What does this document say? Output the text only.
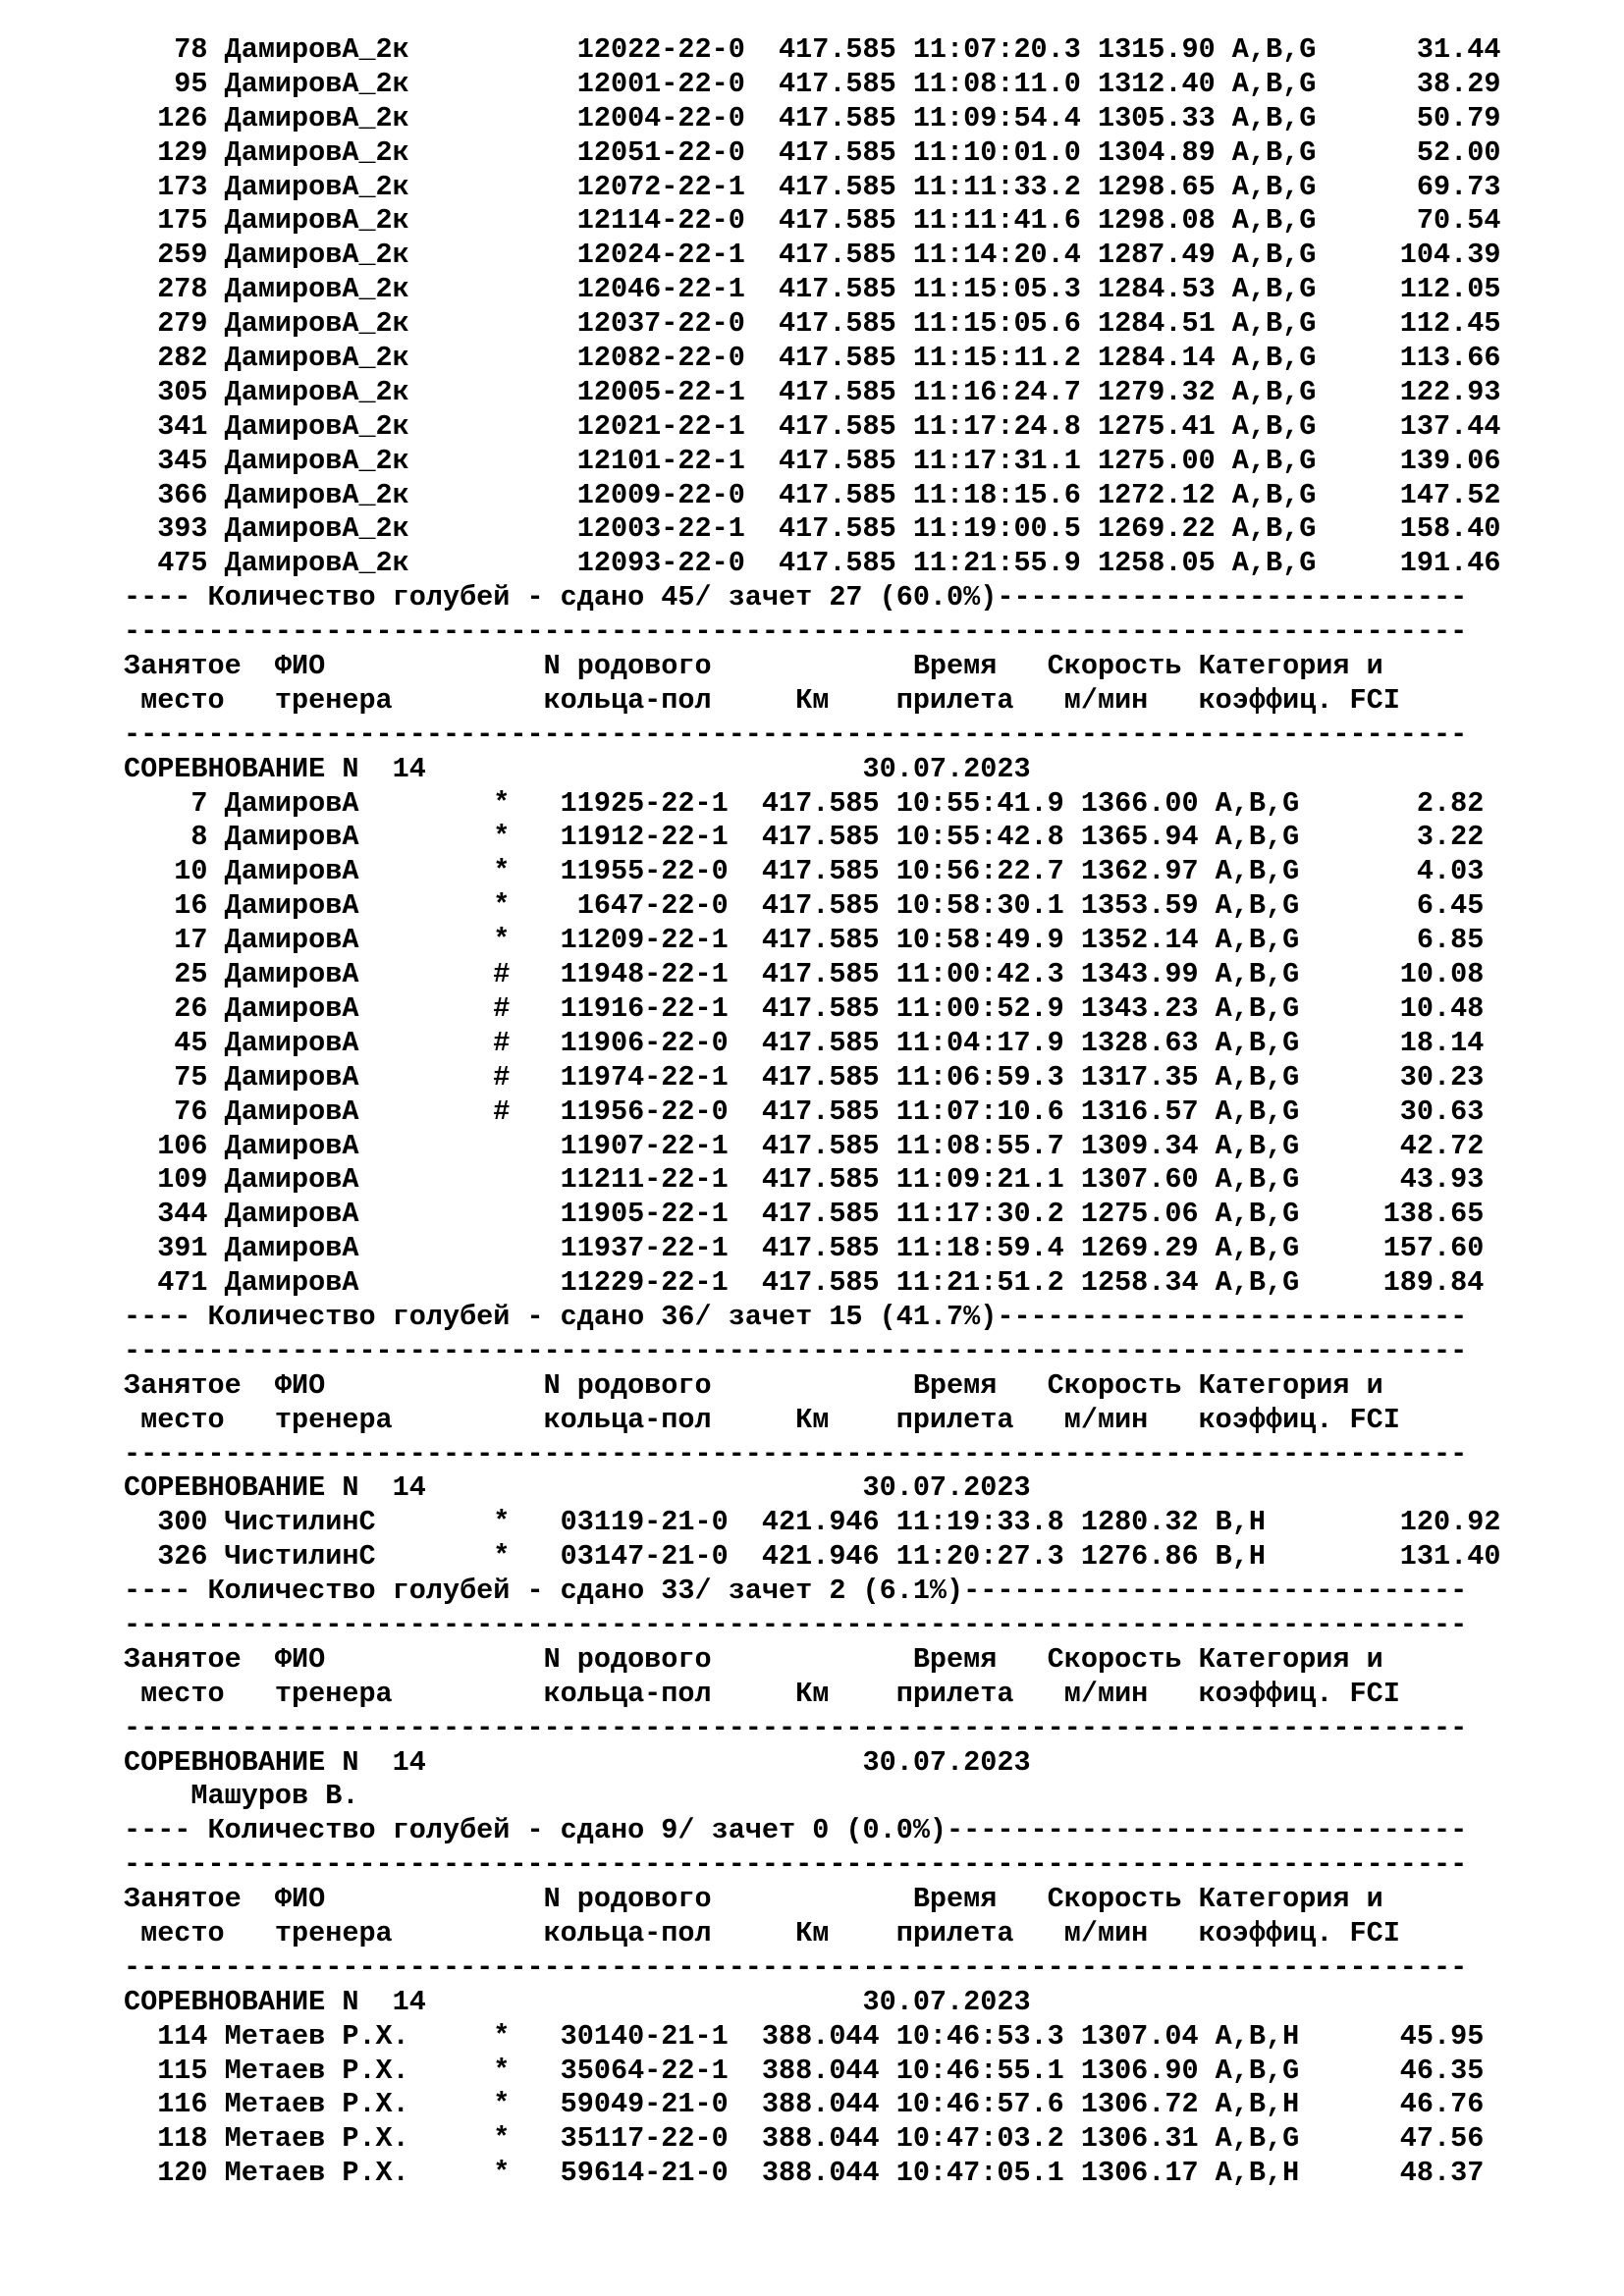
78 ДамировА_2к          12022-22-0  417.585 11:07:20.3 1315.90 A,B,G      31.44
95 ДамировА_2к          12001-22-0  417.585 11:08:11.0 1312.40 A,B,G      38.29
126 ДамировА_2к          12004-22-0  417.585 11:09:54.4 1305.33 A,B,G      50.79
129 ДамировА_2к          12051-22-0  417.585 11:10:01.0 1304.89 A,B,G      52.00
173 ДамировА_2к          12072-22-1  417.585 11:11:33.2 1298.65 A,B,G      69.73
175 ДамировА_2к          12114-22-0  417.585 11:11:41.6 1298.08 A,B,G      70.54
259 ДамировА_2к          12024-22-1  417.585 11:14:20.4 1287.49 A,B,G     104.39
278 ДамировА_2к          12046-22-1  417.585 11:15:05.3 1284.53 A,B,G     112.05
279 ДамировА_2к          12037-22-0  417.585 11:15:05.6 1284.51 A,B,G     112.45
282 ДамировА_2к          12082-22-0  417.585 11:15:11.2 1284.14 A,B,G     113.66
305 ДамировА_2к          12005-22-1  417.585 11:16:24.7 1279.32 A,B,G     122.93
341 ДамировА_2к          12021-22-1  417.585 11:17:24.8 1275.41 A,B,G     137.44
345 ДамировА_2к          12101-22-1  417.585 11:17:31.1 1275.00 A,B,G     139.06
366 ДамировА_2к          12009-22-0  417.585 11:18:15.6 1272.12 A,B,G     147.52
393 ДамировА_2к          12003-22-1  417.585 11:19:00.5 1269.22 A,B,G     158.40
475 ДамировА_2к          12093-22-0  417.585 11:21:55.9 1258.05 A,B,G     191.46
---- Количество голубей - сдано 45/ зачет 27 (60.0%)----------------------------
--------------------------------------------------------------------------------
Занятое  ФИО             N родового            Время   Скорость Категория и
место   тренера         кольца-пол     Км    прилета   м/мин   коэффиц. FCI
--------------------------------------------------------------------------------
СОРЕВНОВАНИЕ N  14                          30.07.2023
7 ДамировА        *   11925-22-1  417.585 10:55:41.9 1366.00 A,B,G       2.82
8 ДамировА        *   11912-22-1  417.585 10:55:42.8 1365.94 A,B,G       3.22
10 ДамировА        *   11955-22-0  417.585 10:56:22.7 1362.97 A,B,G       4.03
16 ДамировА        *    1647-22-0  417.585 10:58:30.1 1353.59 A,B,G       6.45
17 ДамировА        *   11209-22-1  417.585 10:58:49.9 1352.14 A,B,G       6.85
25 ДамировА        #   11948-22-1  417.585 11:00:42.3 1343.99 A,B,G      10.08
26 ДамировА        #   11916-22-1  417.585 11:00:52.9 1343.23 A,B,G      10.48
45 ДамировА        #   11906-22-0  417.585 11:04:17.9 1328.63 A,B,G      18.14
75 ДамировА        #   11974-22-1  417.585 11:06:59.3 1317.35 A,B,G      30.23
76 ДамировА        #   11956-22-0  417.585 11:07:10.6 1316.57 A,B,G      30.63
106 ДамировА            11907-22-1  417.585 11:08:55.7 1309.34 A,B,G      42.72
109 ДамировА            11211-22-1  417.585 11:09:21.1 1307.60 A,B,G      43.93
344 ДамировА            11905-22-1  417.585 11:17:30.2 1275.06 A,B,G     138.65
391 ДамировА            11937-22-1  417.585 11:18:59.4 1269.29 A,B,G     157.60
471 ДамировА            11229-22-1  417.585 11:21:51.2 1258.34 A,B,G     189.84
---- Количество голубей - сдано 36/ зачет 15 (41.7%)----------------------------
--------------------------------------------------------------------------------
Занятое  ФИО             N родового            Время   Скорость Категория и
место   тренера         кольца-пол     Км    прилета   м/мин   коэффиц. FCI
--------------------------------------------------------------------------------
СОРЕВНОВАНИЕ N  14                          30.07.2023
300 ЧистилинС       *   03119-21-0  421.946 11:19:33.8 1280.32 B,H        120.92
326 ЧистилинС       *   03147-21-0  421.946 11:20:27.3 1276.86 B,H        131.40
---- Количество голубей - сдано 33/ зачет 2 (6.1%)------------------------------
--------------------------------------------------------------------------------
Занятое  ФИО             N родового            Время   Скорость Категория и
место   тренера         кольца-пол     Км    прилета   м/мин   коэффиц. FCI
--------------------------------------------------------------------------------
СОРЕВНОВАНИЕ N  14                          30.07.2023
Машуров В.
---- Количество голубей - сдано 9/ зачет 0 (0.0%)-------------------------------
--------------------------------------------------------------------------------
Занятое  ФИО             N родового            Время   Скорость Категория и
место   тренера         кольца-пол     Км    прилета   м/мин   коэффиц. FCI
--------------------------------------------------------------------------------
СОРЕВНОВАНИЕ N  14                          30.07.2023
114 Метаев Р.Х.     *   30140-21-1  388.044 10:46:53.3 1307.04 A,B,H      45.95
115 Метаев Р.Х.     *   35064-22-1  388.044 10:46:55.1 1306.90 A,B,G      46.35
116 Метаев Р.Х.     *   59049-21-0  388.044 10:46:57.6 1306.72 A,B,H      46.76
118 Метаев Р.Х.     *   35117-22-0  388.044 10:47:03.2 1306.31 A,B,G      47.56
120 Метаев Р.Х.     *   59614-21-0  388.044 10:47:05.1 1306.17 A,B,H      48.37
